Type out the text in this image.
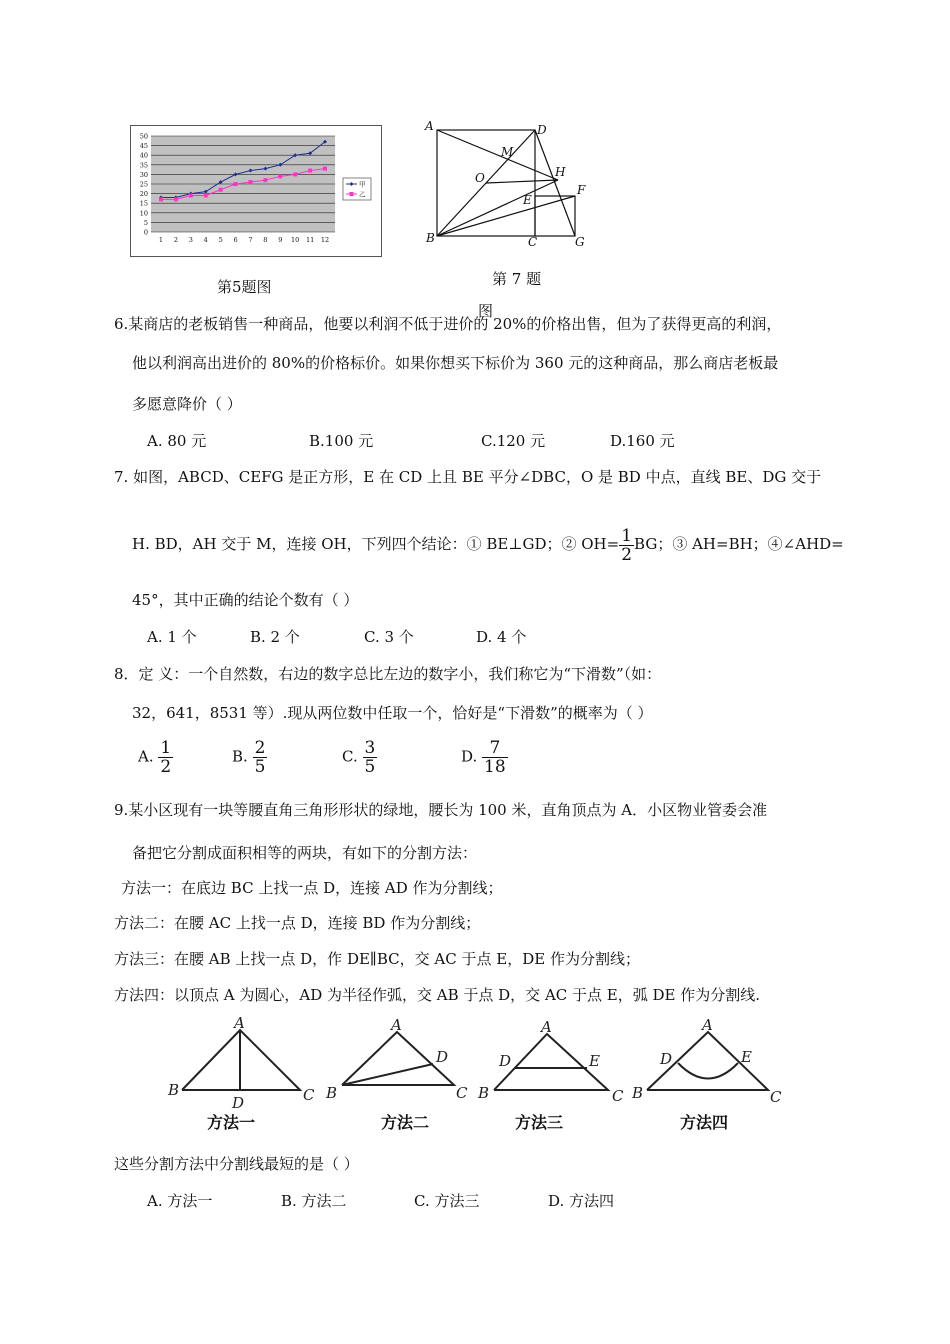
0
5
10
15
20
25
30
35
40
45
50
1 2 3 4 5 6 7 8 9 10 11 12
甲
乙
第5题图
A	D
M
O	H
F
E
B	C	G
第 7 题
图
6.某商店的老板销售一种商品，他要以利润不低于进价的 20%的价格出售，但为了获得更高的利润，
他以利润高出进价的 80%的价格标价。如果你想买下标价为 360 元的这种商品，那么商店老板最
多愿意降价（ ）
A. 80 元	B.100 元	C.120 元	D.160 元
7. 如图，ABCD、CEFG 是正方形，E 在 CD 上且 BE 平分∠DBC，O 是 BD 中点，直线 BE、DG 交于
H. BD，AH 交于 M，连接 OH，下列四个结论：① BE⊥GD；② $OH= \frac{1}{2}$ BG；③ AH=BH；④∠AHD=
45°，其中正确的结论个数有（ ）
A. 1 个	B. 2 个	C. 3 个	D. 4 个
8．定 义：一个自然数，右边的数字总比左边的数字小，我们称它为“下滑数”（如：
32，641，8531 等）.现从两位数中任取一个，恰好是“下滑数”的概率为（ ）
A. $\frac{1}{2}$	B. $\frac{2}{5}$	C. $\frac{3}{5}$	D. $\frac{7}{18}$
9.某小区现有一块等腰直角三角形形状的绿地，腰长为 100 米，直角顶点为 A．小区物业管委会准
备把它分割成面积相等的两块，有如下的分割方法：
方法一：在底边 BC 上找一点 D，连接 AD 作为分割线；
方法二：在腰 AC 上找一点 D，连接 BD 作为分割线；
方法三：在腰 AB 上找一点 D，作 DE∥BC，交 AC 于点 E，DE 作为分割线；
方法四：以顶点 A 为圆心，AD 为半径作弧，交 AB 于点 D，交 AC 于点 E，弧 DE 作为分割线.
A
B	C
D
A
B	C
D
A
B	C
D	E
A
B	C
D	E
方法一	方法二	方法三	方法四
这些分割方法中分割线最短的是（ ）
A. 方法一	B. 方法二	C. 方法三	D. 方法四
